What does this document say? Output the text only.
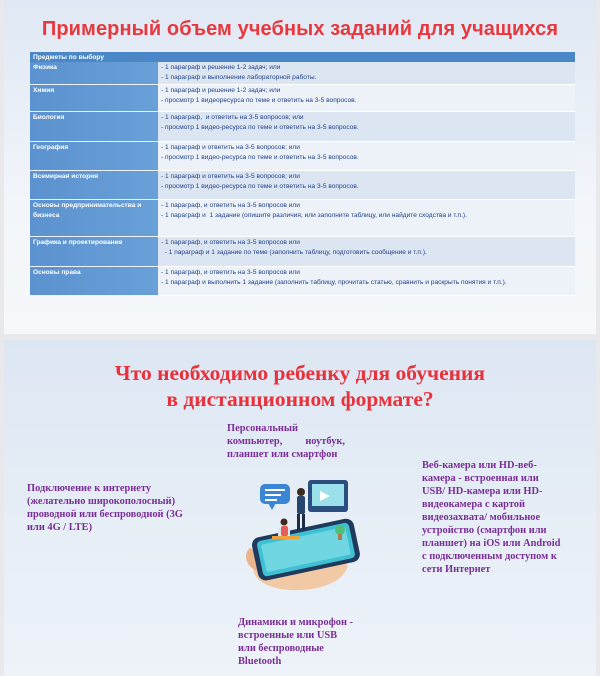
Примерный объем учебных заданий для учащихся
Предметы по выбору	
Физика	- 1 параграф и решение 1-2 задач; или
- 1 параграф и выполнение лабораторной работы.

Химия	- 1 параграф и решение 1-2 задач; или
- просмотр 1 видеоресурса по теме и ответить на 3-5 вопросов.

Биология	- 1 параграф,  и ответить на 3-5 вопросов; или
- просмотр 1 видео-ресурса по теме и ответить на 3-5 вопросов.

География	- 1 параграф и ответить на 3-5 вопросов; или
- просмотр 1 видео-ресурса по теме и ответить на 3-5 вопросов.

Всемирная история	- 1 параграф и ответить на 3-5 вопросов; или
- просмотр 1 видео-ресурса по теме и ответить на 3-5 вопросов.

Основы предпринимательства и бизнеса	- 1 параграф, и ответить на 3-5 вопросов или
- 1 параграф и  1 задание (опишите различия, или заполните таблицу, или найдите сходства и т.п.).

Графика и проектирование	- 1 параграф, и ответить на 3-5 вопросов или
- 1 параграф и 1 задание по теме (заполнить таблицу, подготовить сообщение и т.п.).

Основы права	- 1 параграф, и ответить на 3-5 вопросов или
- 1 параграф и выполнить 1 задание (заполнить таблицу, прочитать статью, сравнить и раскрыть понятия и т.п.).
Что необходимо ребенку для обучения
в дистанционном формате?
Персональный компьютер, ноутбук, планшет или смартфон
Подключение к интернету (желательно широкополосный) проводной или беспроводной (3G или 4G / LTE)
Веб-камера или HD-веб-камера - встроенная или USB/ HD-камера или HD-видеокамера с картой видеозахвата/ мобильное устройство (смартфон или планшет) на iOS или Android с подключенным доступом к сети Интернет
Динамики и микрофон - встроенные или USB или беспроводные Bluetooth
